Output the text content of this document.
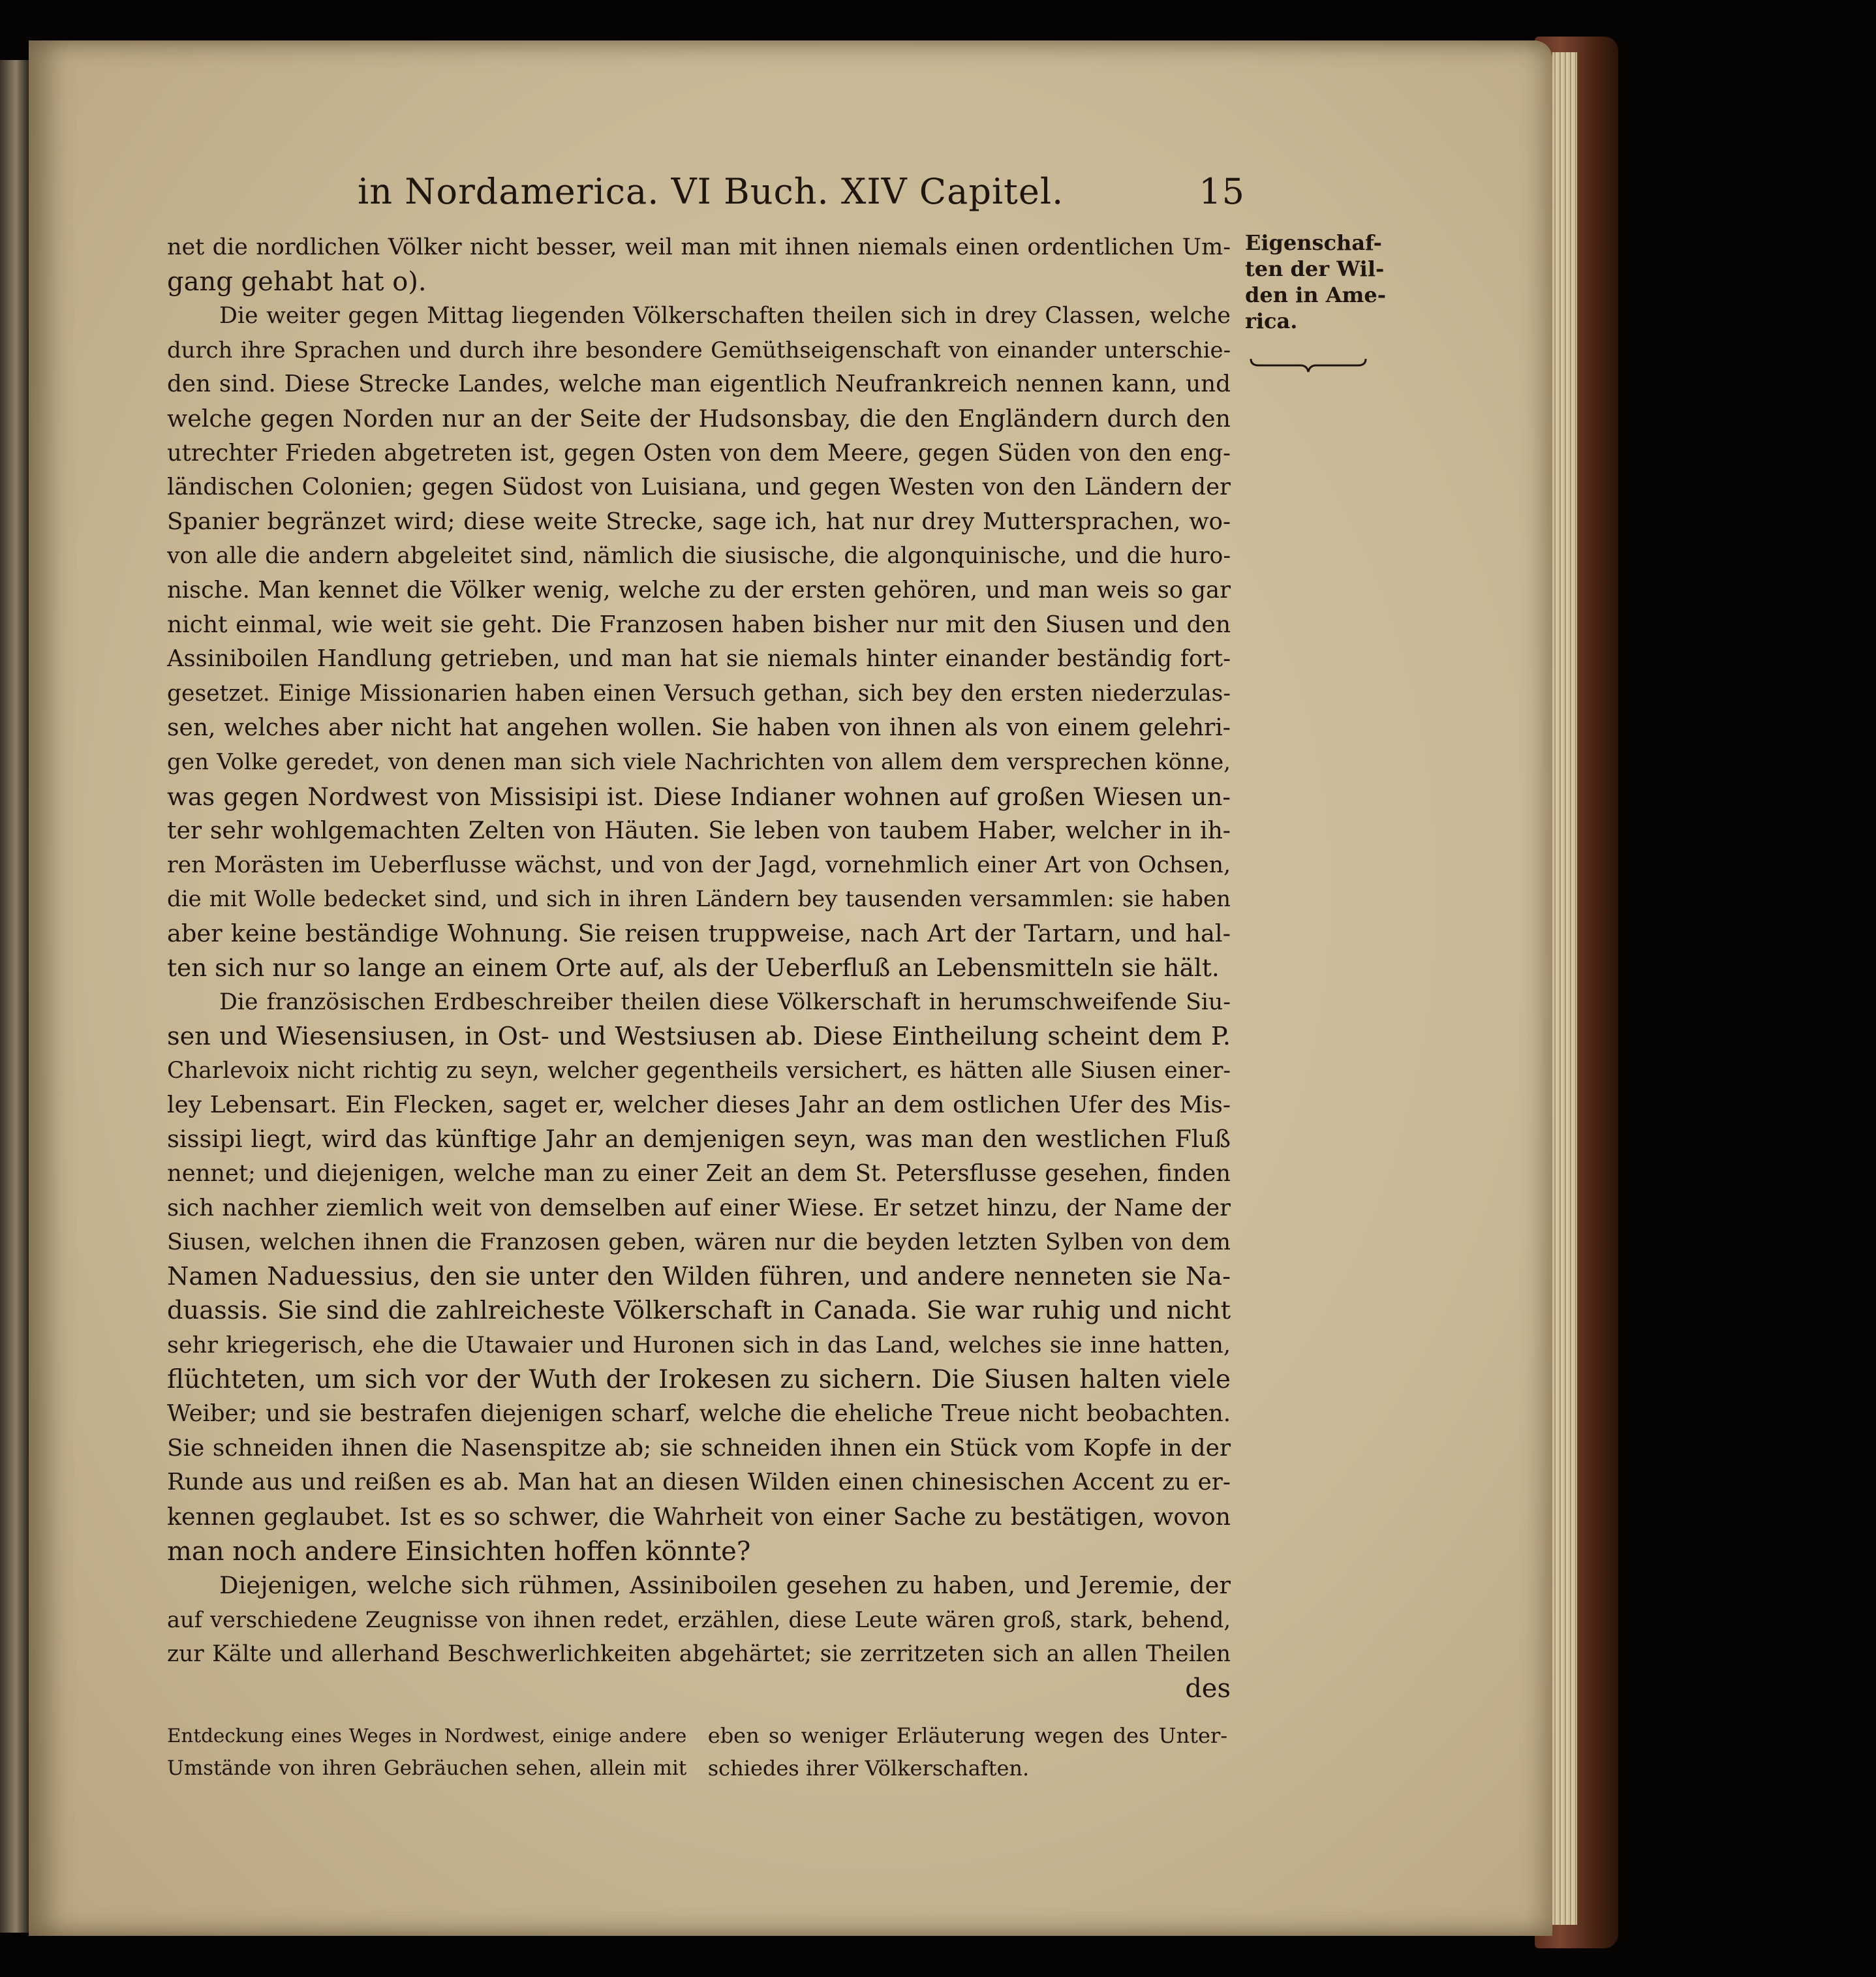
in Nordamerica. VI Buch. XIV Capitel.	15
Eigenschaf-
ten der Wil-
den in Ame-
rica.
net die nordlichen Völker nicht besser, weil man mit ihnen niemals einen ordentlichen Um-
gang gehabt hat o).
Die weiter gegen Mittag liegenden Völkerschaften theilen sich in drey Classen, welche
durch ihre Sprachen und durch ihre besondere Gemüthseigenschaft von einander unterschie-
den sind. Diese Strecke Landes, welche man eigentlich Neufrankreich nennen kann, und
welche gegen Norden nur an der Seite der Hudsonsbay, die den Engländern durch den
utrechter Frieden abgetreten ist, gegen Osten von dem Meere, gegen Süden von den eng-
ländischen Colonien; gegen Südost von Luisiana, und gegen Westen von den Ländern der
Spanier begränzet wird; diese weite Strecke, sage ich, hat nur drey Muttersprachen, wo-
von alle die andern abgeleitet sind, nämlich die siusische, die algonquinische, und die huro-
nische. Man kennet die Völker wenig, welche zu der ersten gehören, und man weis so gar
nicht einmal, wie weit sie geht. Die Franzosen haben bisher nur mit den Siusen und den
Assiniboilen Handlung getrieben, und man hat sie niemals hinter einander beständig fort-
gesetzet. Einige Missionarien haben einen Versuch gethan, sich bey den ersten niederzulas-
sen, welches aber nicht hat angehen wollen. Sie haben von ihnen als von einem gelehri-
gen Volke geredet, von denen man sich viele Nachrichten von allem dem versprechen könne,
was gegen Nordwest von Missisipi ist. Diese Indianer wohnen auf großen Wiesen un-
ter sehr wohlgemachten Zelten von Häuten. Sie leben von taubem Haber, welcher in ih-
ren Morästen im Ueberflusse wächst, und von der Jagd, vornehmlich einer Art von Ochsen,
die mit Wolle bedecket sind, und sich in ihren Ländern bey tausenden versammlen: sie haben
aber keine beständige Wohnung. Sie reisen truppweise, nach Art der Tartarn, und hal-
ten sich nur so lange an einem Orte auf, als der Ueberfluß an Lebensmitteln sie hält.
Die französischen Erdbeschreiber theilen diese Völkerschaft in herumschweifende Siu-
sen und Wiesensiusen, in Ost- und Westsiusen ab. Diese Eintheilung scheint dem P.
Charlevoix nicht richtig zu seyn, welcher gegentheils versichert, es hätten alle Siusen einer-
ley Lebensart. Ein Flecken, saget er, welcher dieses Jahr an dem ostlichen Ufer des Mis-
sissipi liegt, wird das künftige Jahr an demjenigen seyn, was man den westlichen Fluß
nennet; und diejenigen, welche man zu einer Zeit an dem St. Petersflusse gesehen, finden
sich nachher ziemlich weit von demselben auf einer Wiese. Er setzet hinzu, der Name der
Siusen, welchen ihnen die Franzosen geben, wären nur die beyden letzten Sylben von dem
Namen Naduessius, den sie unter den Wilden führen, und andere nenneten sie Na-
duassis. Sie sind die zahlreicheste Völkerschaft in Canada. Sie war ruhig und nicht
sehr kriegerisch, ehe die Utawaier und Huronen sich in das Land, welches sie inne hatten,
flüchteten, um sich vor der Wuth der Irokesen zu sichern. Die Siusen halten viele
Weiber; und sie bestrafen diejenigen scharf, welche die eheliche Treue nicht beobachten.
Sie schneiden ihnen die Nasenspitze ab; sie schneiden ihnen ein Stück vom Kopfe in der
Runde aus und reißen es ab. Man hat an diesen Wilden einen chinesischen Accent zu er-
kennen geglaubet. Ist es so schwer, die Wahrheit von einer Sache zu bestätigen, wovon
man noch andere Einsichten hoffen könnte?
Diejenigen, welche sich rühmen, Assiniboilen gesehen zu haben, und Jeremie, der
auf verschiedene Zeugnisse von ihnen redet, erzählen, diese Leute wären groß, stark, behend,
zur Kälte und allerhand Beschwerlichkeiten abgehärtet; sie zerritzeten sich an allen Theilen
des
Entdeckung eines Weges in Nordwest, einige andere
Umstände von ihren Gebräuchen sehen, allein mit
eben so weniger Erläuterung wegen des Unter-
schiedes ihrer Völkerschaften.
